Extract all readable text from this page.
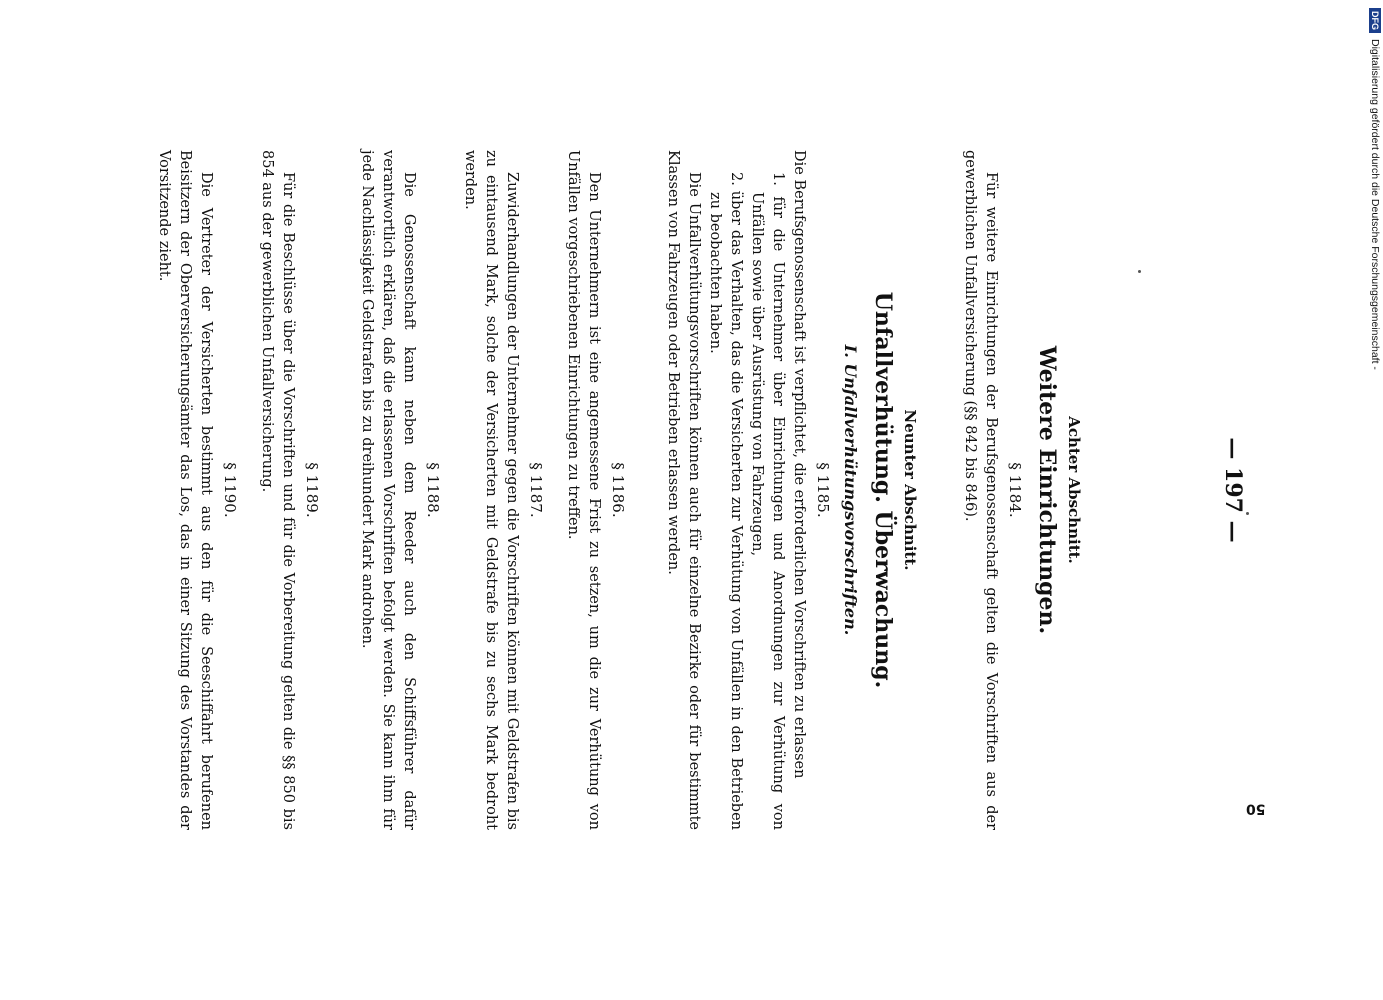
— 197 —
Achter Abschnitt.
Weitere Einrichtungen.
§ 1184.

Für weitere Einrichtungen der Berufsgenossenschaft gelten die Vorschriften aus der gewerblichen Unfallversicherung (§§ 842 bis 846).

Neunter Abschnitt.
Unfallverhütung. Überwachung.
I. Unfallverhütungsvorschriften.
§ 1185.

Die Berufsgenossenschaft ist verpflichtet, die erforderlichen Vorschriften zu erlassen

1. für die Unternehmer über Einrichtungen und Anordnungen zur Verhütung von Unfällen sowie über Ausrüstung von Fahrzeugen,
2. über das Verhalten, das die Versicherten zur Verhütung von Unfällen in den Betrieben zu beobachten haben.

Die Unfallverhütungsvorschriften können auch für einzelne Bezirke oder für bestimmte Klassen von Fahrzeugen oder Betrieben erlassen werden.

§ 1186.

Den Unternehmern ist eine angemessene Frist zu setzen, um die zur Verhütung von Unfällen vorgeschriebenen Einrichtungen zu treffen.

§ 1187.

Zuwiderhandlungen der Unternehmer gegen die Vorschriften können mit Geldstrafen bis zu eintausend Mark, solche der Versicherten mit Geldstrafe bis zu sechs Mark bedroht werden.

§ 1188.

Die Genossenschaft kann neben dem Reeder auch den Schiffsführer dafür verantwortlich erklären, daß die erlassenen Vorschriften befolgt werden. Sie kann ihm für jede Nachlässigkeit Geldstrafen bis zu dreihundert Mark androhen.

§ 1189.

Für die Beschlüsse über die Vorschriften und für die Vorbereitung gelten die §§ 850 bis 854 aus der gewerblichen Unfallversicherung.

§ 1190.

Die Vertreter der Versicherten bestimmt aus den für die Seeschiffahrt berufenen Beisitzern der Oberversicherungsämter das Los, das in einer Sitzung des Vorstandes der Vorsitzende zieht.

50
DFG
Digitalisierung gefördert durch die Deutsche Forschungsgemeinschaft -
